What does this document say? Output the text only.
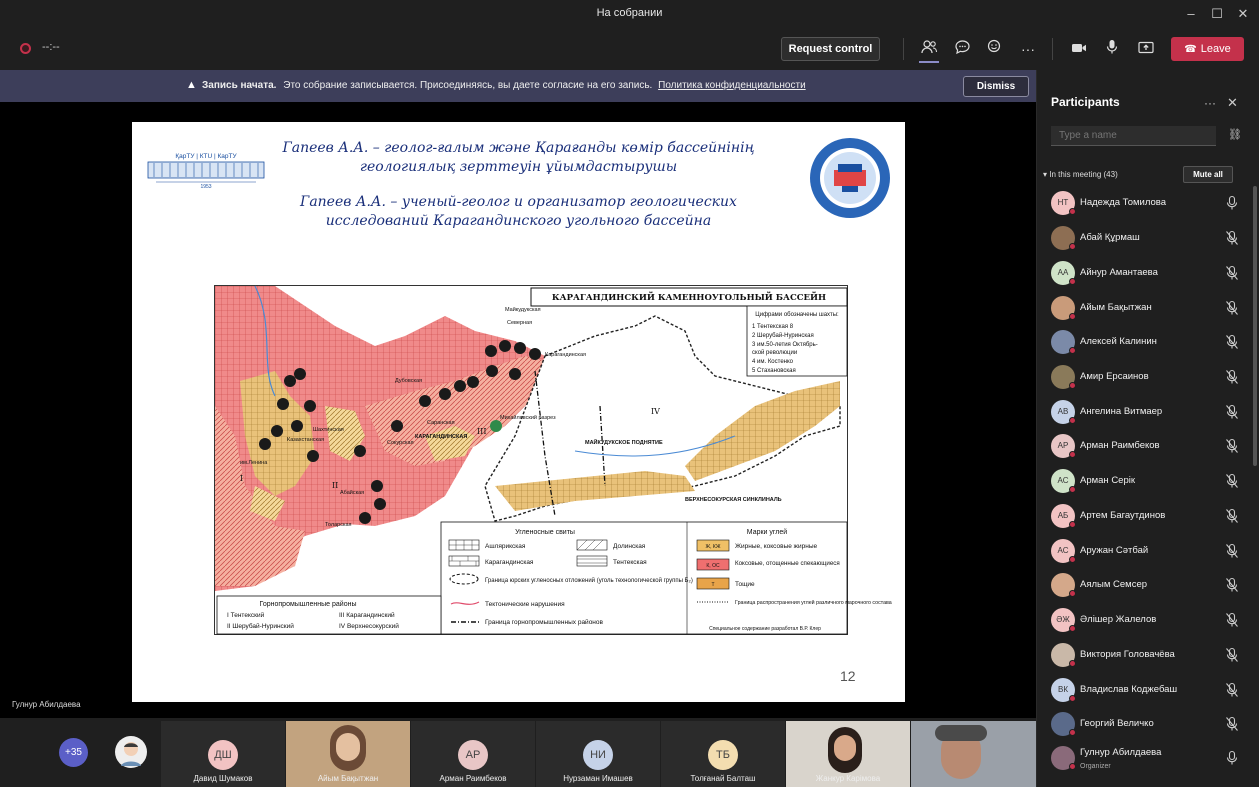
На собрании	–	☐	✕
--:--	Request control	···	☎ Leave
▲ Запись начата. Это собрание записывается. Присоединяясь, вы даете согласие на его запись. Политика конфиденциальности	Dismiss
ҚарТУ | КTU | КарТУ
1953
Гапеев А.А. – геолог-ғалым және Қарағанды көмір бассейнінің
геологиялық зерттеуін ұйымдастырушы
Гапеев А.А. – ученый-геолог и организатор геологических
исследований Карагандинского угольного бассейна
КАРАГАНДИНСКИЙ КАМЕННОУГОЛЬНЫЙ БАССЕЙН
Цифрами обозначены шахты:
1 Тентекская 8
2 Шерубай-Нуринская
3 им.50-летия Октябрь-
ской революции
4 им. Костенко
5 Стахановская
Карагандинская
Михайловский разрез
МАЙКУДУКСКОЕ ПОДНЯТИЕ
ВЕРХНЕСОКУРСКАЯ СИНКЛИНАЛЬ
КАРАГАНДИНСКАЯ
Сокурская
Дубовская
Абайская
Толарская
Шахтинская
Казахстанская
им.Ленина
Саранская
Майкудукская
Северная
II
III
IV
I
Угленосные свиты
Ашлярикская	Долинская
Карагандинская	Тентекская
Граница юрских угленосных отложений (уголь технологической группы Б₂)
Тектонические нарушения
Граница горнопромышленных районов
Марки углей
Ж, КЖ Жирные, коксовые жирные
К, ОС Коксовые, отощенные спекающиеся
Т	Тощие
Граница распространения углей различного марочного состава
Специальное содержание разработал В.Р. Клер
Горнопромышленные районы
I Тентекский	III Карагандинский
II Шерубай-Нуринский	IV Верхнесокурский
12
Гулнур Абилдаева
+35	ДШ
Давид Шумаков	Айым Бақытжан
АР
Арман Раимбеков
НИ
Нурзаман Имашев
ТБ
Толғанай Балташ	Жанкур Карімова
Participants	··· ✕
Type a name
⛓
▾ In this meeting (43)	Mute all
НТ	Надежда Томилова
Абай Құрмаш
АА	Айнур Амантаева
Айым Бақытжан
Алексей Калинин
Амир Ерсаинов
АВ	Ангелина Витмаер
АР	Арман Раимбеков
АС	Арман Серік
АБ	Артем Багаутдинов
АС	Аружан Сәтбай
Аялым Семсер
ӘЖ	Әлішер Жалелов
Виктория Головачёва
ВК	Владислав Коджебаш
Георгий Величко
Гулнур Абилдаева
Organizer
